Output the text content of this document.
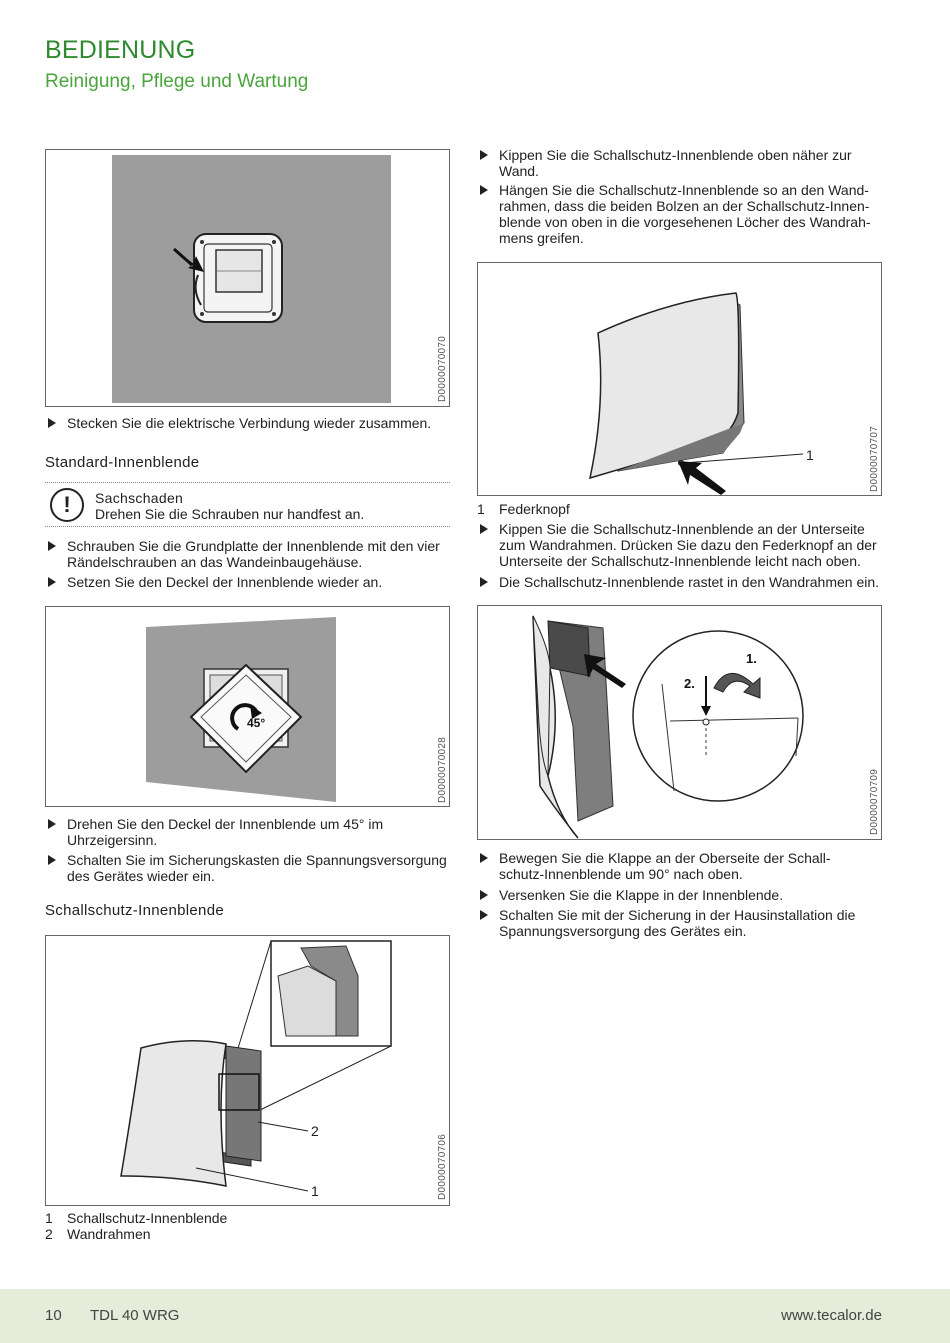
BEDIENUNG
Reinigung, Pflege und Wartung
D0000070070
Stecken Sie die elektrische Verbindung wieder zusammen.
Standard-Innenblende
!	Sachschaden
Drehen Sie die Schrauben nur handfest an.
Schrauben Sie die Grundplatte der Innenblende mit den vier
Rändelschrauben an das Wandeinbaugehäuse.
Setzen Sie den Deckel der Innenblende wieder an.
45°
D0000070028
Drehen Sie den Deckel der Innenblende um 45° im
Uhrzeigersinn.
Schalten Sie im Sicherungskasten die Spannungsversorgung
des Gerätes wieder ein.
Schallschutz-Innenblende
2
1	D0000070706
1 Schallschutz-Innenblende
2 Wandrahmen
Kippen Sie die Schallschutz-Innenblende oben näher zur
Wand.
Hängen Sie die Schallschutz-Innenblende so an den Wand-
rahmen, dass die beiden Bolzen an der Schallschutz-Innen-
blende von oben in die vorgesehenen Löcher des Wandrah-
mens greifen.
1	D0000070707
1 Federknopf
Kippen Sie die Schallschutz-Innenblende an der Unterseite
zum Wandrahmen. Drücken Sie dazu den Federknopf an der
Unterseite der Schallschutz-Innenblende leicht nach oben.
Die Schallschutz-Innenblende rastet in den Wandrahmen ein.
1.
2.
D0000070709
Bewegen Sie die Klappe an der Oberseite der Schall-
schutz-Innenblende um 90° nach oben.
Versenken Sie die Klappe in der Innenblende.
Schalten Sie mit der Sicherung in der Hausinstallation die
Spannungsversorgung des Gerätes ein.
10 TDL 40 WRG	www.tecalor.de
